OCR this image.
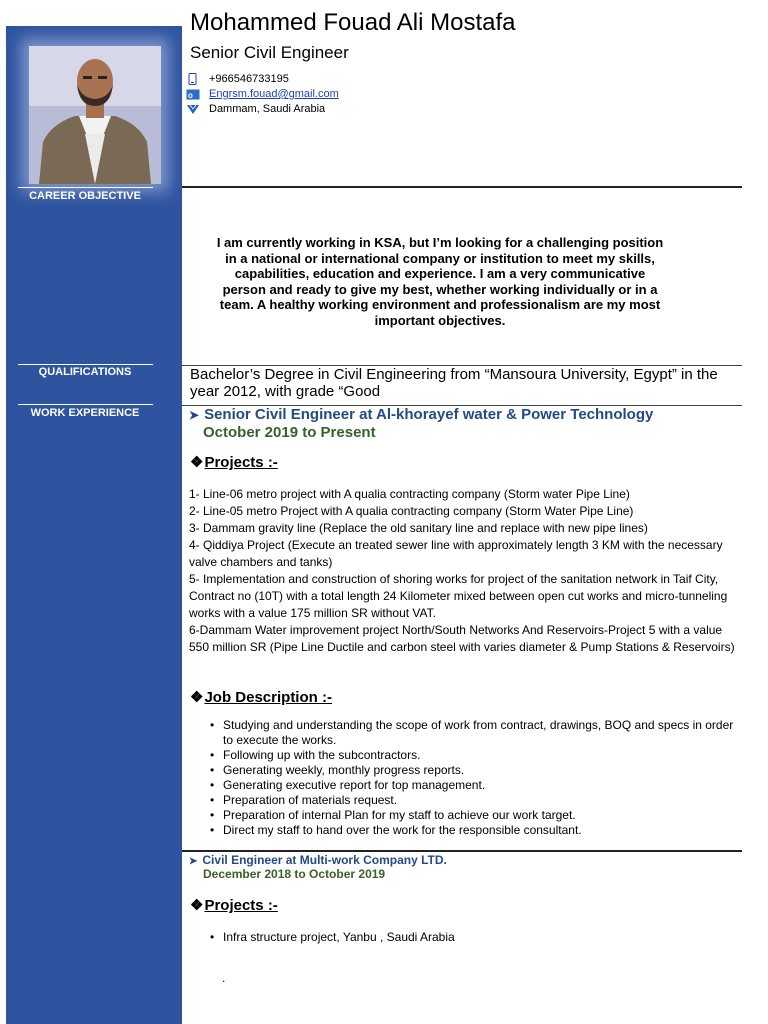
CAREER OBJECTIVE
QUALIFICATIONS
WORK EXPERIENCE
Mohammed Fouad Ali Mostafa
Senior Civil Engineer
+966546733195
o Engrsm.fouad@gmail.com
Dammam, Saudi Arabia
I am currently working in KSA, but I’m looking for a challenging position in a national or international company or institution to meet my skills, capabilities, education and experience. I am a very communicative person and ready to give my best, whether working individually or in a team. A healthy working environment and professionalism are my most important objectives.
Bachelor’s Degree in Civil Engineering from “Mansoura University, Egypt” in the year 2012, with grade “Good
➤ Senior Civil Engineer at Al-khorayef water & Power Technology
October 2019 to Present
❖Projects :-
1- Line-06 metro project with A qualia contracting company (Storm water Pipe Line)
2- Line-05 metro Project with A qualia contracting company (Storm Water Pipe Line)
3- Dammam gravity line (Replace the old sanitary line and replace with new pipe lines)
4- Qiddiya Project (Execute an treated sewer line with approximately length 3 KM with the necessary valve chambers and tanks)
5- Implementation and construction of shoring works for project of the sanitation network in Taif City, Contract no (10T) with a total length 24 Kilometer mixed between open cut works and micro-tunneling works with a value 175 million SR without VAT.
6-Dammam Water improvement project North/South Networks And Reservoirs-Project 5 with a value 550 million SR (Pipe Line Ductile and carbon steel with varies diameter & Pump Stations & Reservoirs)
❖Job Description :-
• Studying and understanding the scope of work from contract, drawings, BOQ and specs in order to execute the works.
• Following up with the subcontractors.
• Generating weekly, monthly progress reports.
• Generating executive report for top management.
• Preparation of materials request.
• Preparation of internal Plan for my staff to achieve our work target.
• Direct my staff to hand over the work for the responsible consultant.
➤ Civil Engineer at Multi-work Company LTD.
December 2018 to October 2019
❖Projects :-
• Infra structure project, Yanbu , Saudi Arabia
.
